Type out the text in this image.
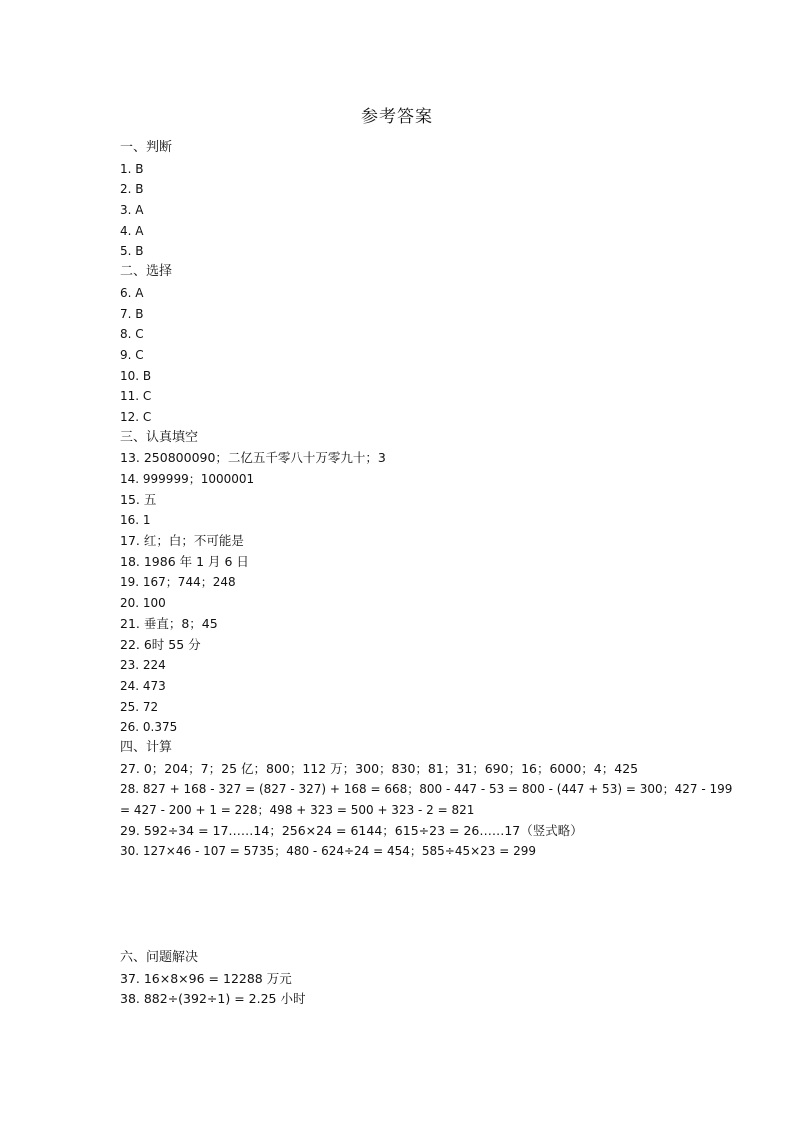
参考答案
一、判断
1. B
2. B
3. A
4. A
5. B
二、选择
6. A
7. B
8. C
9. C
10. B
11. C
12. C
三、认真填空
13. 250800090；二亿五千零八十万零九十；3
14. 999999；1000001
15. 五
16. 1
17. 红；白；不可能是
18. 1986 年 1 月 6 日
19. 167；744；248
20. 100
21. 垂直；8；45
22. 6时 55 分
23. 224
24. 473
25. 72
26. 0.375
四、计算
27. 0；204；7；25 亿；800；112 万；300；830；81；31；690；16；6000；4；425
28. 827 + 168 - 327 = (827 - 327) + 168 = 668；800 - 447 - 53 = 800 - (447 + 53) = 300；427 - 199
= 427 - 200 + 1 = 228；498 + 323 = 500 + 323 - 2 = 821
29. 592÷34 = 17……14；256×24 = 6144；615÷23 = 26……17（竖式略）
30. 127×46 - 107 = 5735；480 - 624÷24 = 454；585÷45×23 = 299
六、问题解决
37. 16×8×96 = 12288 万元
38. 882÷(392÷1) = 2.25 小时
